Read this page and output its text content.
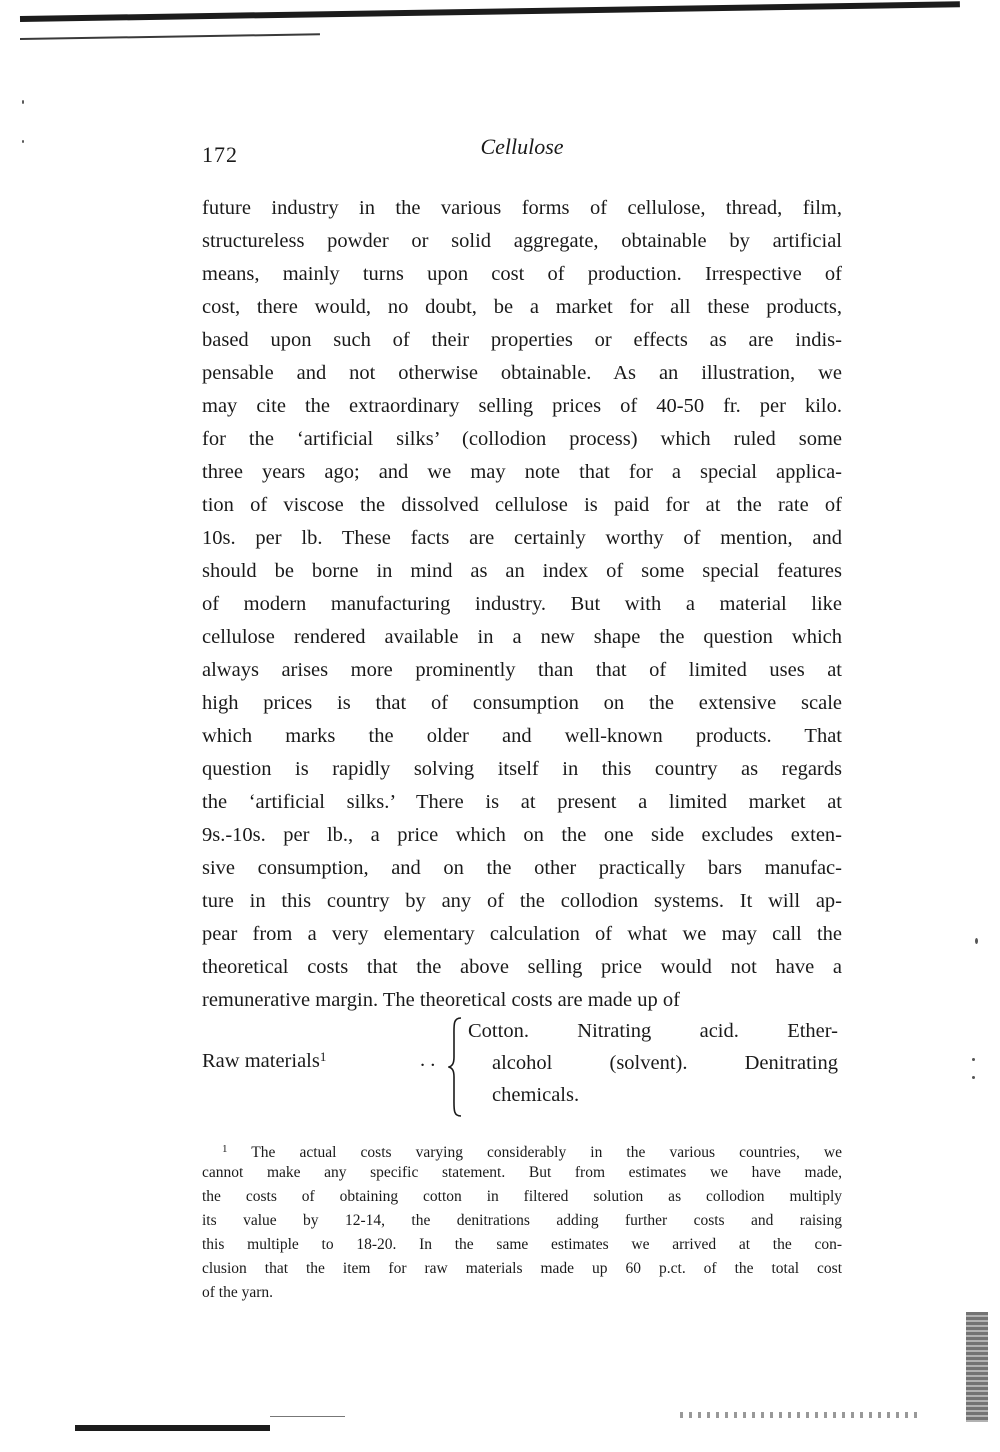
172	Cellulose
future industry in the various forms of cellulose, thread, film,
structureless powder or solid aggregate, obtainable by artificial
means, mainly turns upon cost of production. Irrespective of
cost, there would, no doubt, be a market for all these products,
based upon such of their properties or effects as are indis-
pensable and not otherwise obtainable. As an illustration, we
may cite the extraordinary selling prices of 40-50 fr. per kilo.
for the ‘artificial silks’ (collodion process) which ruled some
three years ago; and we may note that for a special applica-
tion of viscose the dissolved cellulose is paid for at the rate of
10s. per lb. These facts are certainly worthy of mention, and
should be borne in mind as an index of some special features
of modern manufacturing industry. But with a material like
cellulose rendered available in a new shape the question which
always arises more prominently than that of limited uses at
high prices is that of consumption on the extensive scale
which marks the older and well-known products. That
question is rapidly solving itself in this country as regards
the ‘artificial silks.’ There is at present a limited market at
9s.-10s. per lb., a price which on the one side excludes exten-
sive consumption, and on the other practically bars manufac-
ture in this country by any of the collodion systems. It will ap-
pear from a very elementary calculation of what we may call the
theoretical costs that the above selling price would not have a
remunerative margin. The theoretical costs are made up of
Raw materials$^1$	. .
Cotton. Nitrating acid. Ether-
alcohol (solvent). Denitrating
chemicals.
$^1$ The actual costs varying considerably in the various countries, we
cannot make any specific statement. But from estimates we have made,
the costs of obtaining cotton in filtered solution as collodion multiply
its value by 12-14, the denitrations adding further costs and raising
this multiple to 18-20. In the same estimates we arrived at the con-
clusion that the item for raw materials made up 60 p.ct. of the total cost
of the yarn.
